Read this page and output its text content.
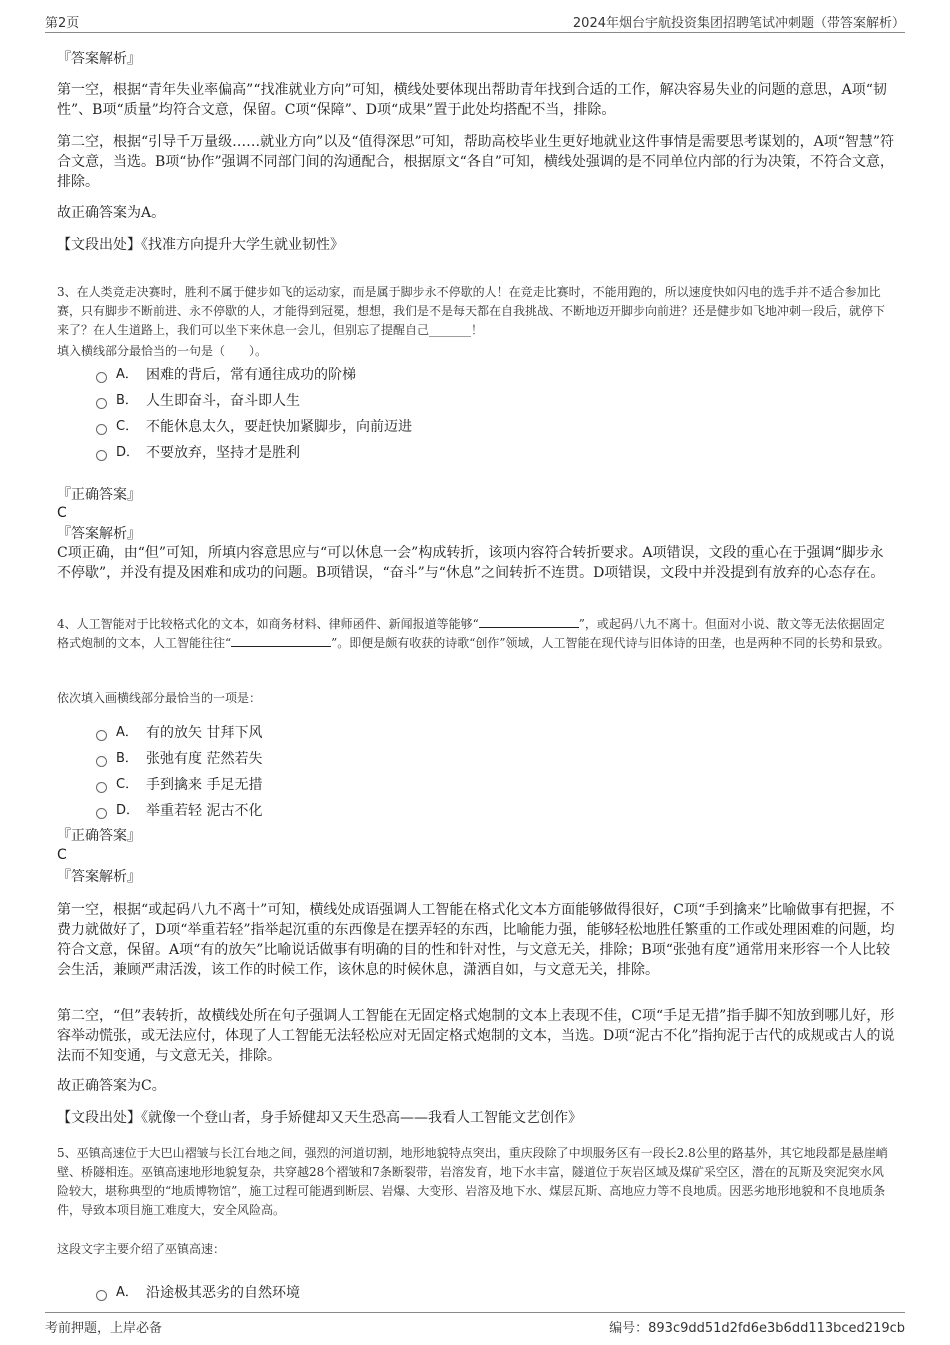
第2页	2024年烟台宇航投资集团招聘笔试冲刺题（带答案解析）

『答案解析』

第一空，根据“青年失业率偏高”“找准就业方向”可知，横线处要体现出帮助青年找到合适的工作，解决容易失业的问题的意思，A项“韧性”、B项“质量”均符合文意，保留。C项“保障”、D项“成果”置于此处均搭配不当，排除。

第二空，根据“引导千万量级……就业方向”以及“值得深思”可知，帮助高校毕业生更好地就业这件事情是需要思考谋划的，A项“智慧”符合文意，当选。B项“协作”强调不同部门间的沟通配合，根据原文“各自”可知，横线处强调的是不同单位内部的行为决策，不符合文意，排除。

故正确答案为A。

【文段出处】《找准方向提升大学生就业韧性》

3、在人类竞走决赛时，胜利不属于健步如飞的运动家，而是属于脚步永不停歇的人！在竞走比赛时，不能用跑的，所以速度快如闪电的选手并不适合参加比赛，只有脚步不断前进、永不停歇的人，才能得到冠冕，想想，我们是不是每天都在自我挑战、不断地迈开脚步向前进？还是健步如飞地冲刺一段后，就停下来了？在人生道路上，我们可以坐下来休息一会儿，但别忘了提醒自己_______！

填入横线部分最恰当的一句是（　　）。

A． 困难的背后，常有通往成功的阶梯
B． 人生即奋斗，奋斗即人生
C． 不能休息太久，要赶快加紧脚步，向前迈进
D． 不要放弃，坚持才是胜利

『正确答案』

C

『答案解析』

C项正确，由“但”可知，所填内容意思应与“可以休息一会”构成转折，该项内容符合转折要求。A项错误，文段的重心在于强调“脚步永不停歇”，并没有提及困难和成功的问题。B项错误，“奋斗”与“休息”之间转折不连贯。D项错误，文段中并没提到有放弃的心态存在。

4、人工智能对于比较格式化的文本，如商务材料、律师函件、新闻报道等能够“	”，或起码八九不离十。但面对小说、散文等无法依据固定格式炮制的文本，人工智能往往“	”。即便是颇有收获的诗歌“创作”领域，人工智能在现代诗与旧体诗的田垄，也是两种不同的长势和景致。

依次填入画横线部分最恰当的一项是：

A． 有的放矢 甘拜下风
B． 张弛有度 茫然若失
C． 手到擒来 手足无措
D． 举重若轻 泥古不化

『正确答案』

C

『答案解析』

第一空，根据“或起码八九不离十”可知，横线处成语强调人工智能在格式化文本方面能够做得很好，C项“手到擒来”比喻做事有把握，不费力就做好了，D项“举重若轻”指举起沉重的东西像是在摆弄轻的东西，比喻能力强，能够轻松地胜任繁重的工作或处理困难的问题，均符合文意，保留。A项“有的放矢”比喻说话做事有明确的目的性和针对性，与文意无关，排除；B项“张弛有度”通常用来形容一个人比较会生活，兼顾严肃活泼，该工作的时候工作，该休息的时候休息，潇洒自如，与文意无关，排除。

第二空，“但”表转折，故横线处所在句子强调人工智能在无固定格式炮制的文本上表现不佳，C项“手足无措”指手脚不知放到哪儿好，形容举动慌张，或无法应付，体现了人工智能无法轻松应对无固定格式炮制的文本，当选。D项“泥古不化”指拘泥于古代的成规或古人的说法而不知变通，与文意无关，排除。

故正确答案为C。

【文段出处】《就像一个登山者，身手矫健却又天生恐高——我看人工智能文艺创作》

5、巫镇高速位于大巴山褶皱与长江台地之间，强烈的河道切割，地形地貌特点突出，重庆段除了中坝服务区有一段长2.8公里的路基外，其它地段都是悬崖峭壁、桥隧相连。巫镇高速地形地貌复杂，共穿越28个褶皱和7条断裂带，岩溶发育，地下水丰富，隧道位于灰岩区域及煤矿采空区，潜在的瓦斯及突泥突水风险较大，堪称典型的“地质博物馆”，施工过程可能遇到断层、岩爆、大变形、岩溶及地下水、煤层瓦斯、高地应力等不良地质。因恶劣地形地貌和不良地质条件，导致本项目施工难度大，安全风险高。

这段文字主要介绍了巫镇高速：

A． 沿途极其恶劣的自然环境
考前押题，上岸必备	编号：893c9dd51d2fd6e3b6dd113bced219cb
